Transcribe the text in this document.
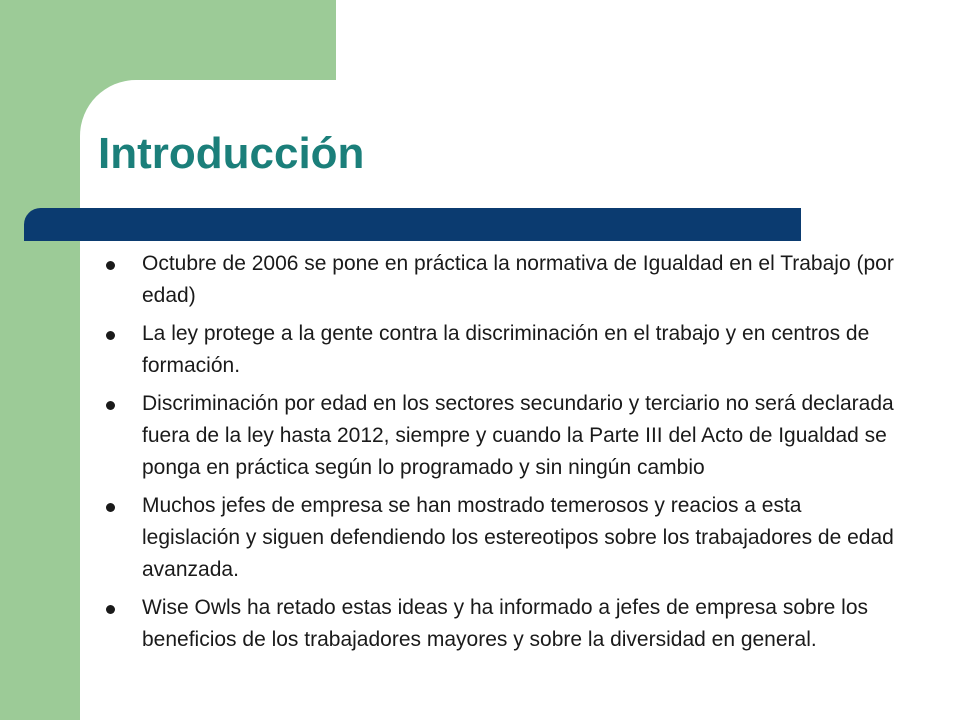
Introducción
Octubre de 2006 se pone en práctica la normativa de Igualdad en el Trabajo (por edad)
La ley protege a la gente contra la discriminación en el trabajo y en centros de formación.
Discriminación por edad en los sectores secundario y terciario no será declarada fuera de la ley hasta 2012, siempre y cuando la Parte III del Acto de Igualdad se ponga en práctica según lo programado y sin ningún cambio
Muchos jefes de empresa se han mostrado temerosos y reacios a esta legislación y siguen defendiendo los estereotipos sobre los trabajadores de edad avanzada.
Wise Owls ha retado estas ideas y ha informado a jefes de empresa sobre los beneficios de los trabajadores mayores y sobre la diversidad en general.
